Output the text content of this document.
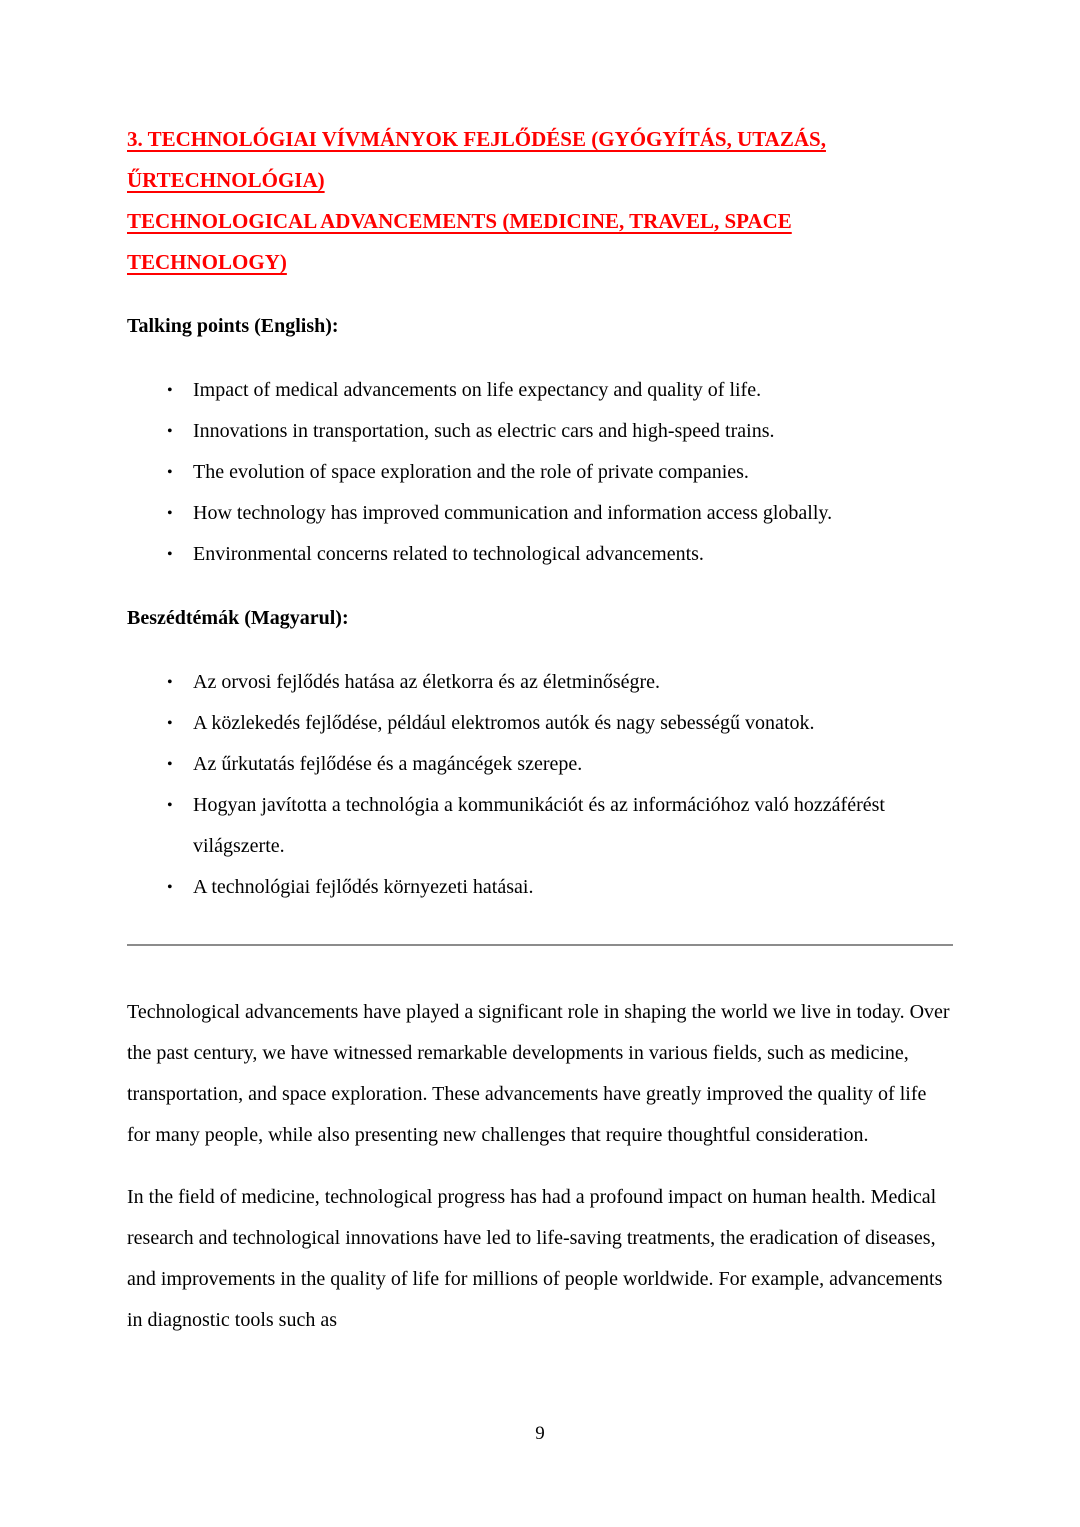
3. TECHNOLÓGIAI VÍVMÁNYOK FEJLŐDÉSE (GYÓGYÍTÁS, UTAZÁS, ŰRTECHNOLÓGIA)
TECHNOLOGICAL ADVANCEMENTS (MEDICINE, TRAVEL, SPACE TECHNOLOGY)
Talking points (English):
• Impact of medical advancements on life expectancy and quality of life.
• Innovations in transportation, such as electric cars and high-speed trains.
• The evolution of space exploration and the role of private companies.
• How technology has improved communication and information access globally.
• Environmental concerns related to technological advancements.
Beszédtémák (Magyarul):
• Az orvosi fejlődés hatása az életkorra és az életminőségre.
• A közlekedés fejlődése, például elektromos autók és nagy sebességű vonatok.
• Az űrkutatás fejlődése és a magáncégek szerepe.
• Hogyan javította a technológia a kommunikációt és az információhoz való hozzáférést világszerte.
• A technológiai fejlődés környezeti hatásai.

Technological advancements have played a significant role in shaping the world we live in today. Over the past century, we have witnessed remarkable developments in various fields, such as medicine, transportation, and space exploration. These advancements have greatly improved the quality of life for many people, while also presenting new challenges that require thoughtful consideration.

In the field of medicine, technological progress has had a profound impact on human health. Medical research and technological innovations have led to life-saving treatments, the eradication of diseases, and improvements in the quality of life for millions of people worldwide. For example, advancements in diagnostic tools such as

9
